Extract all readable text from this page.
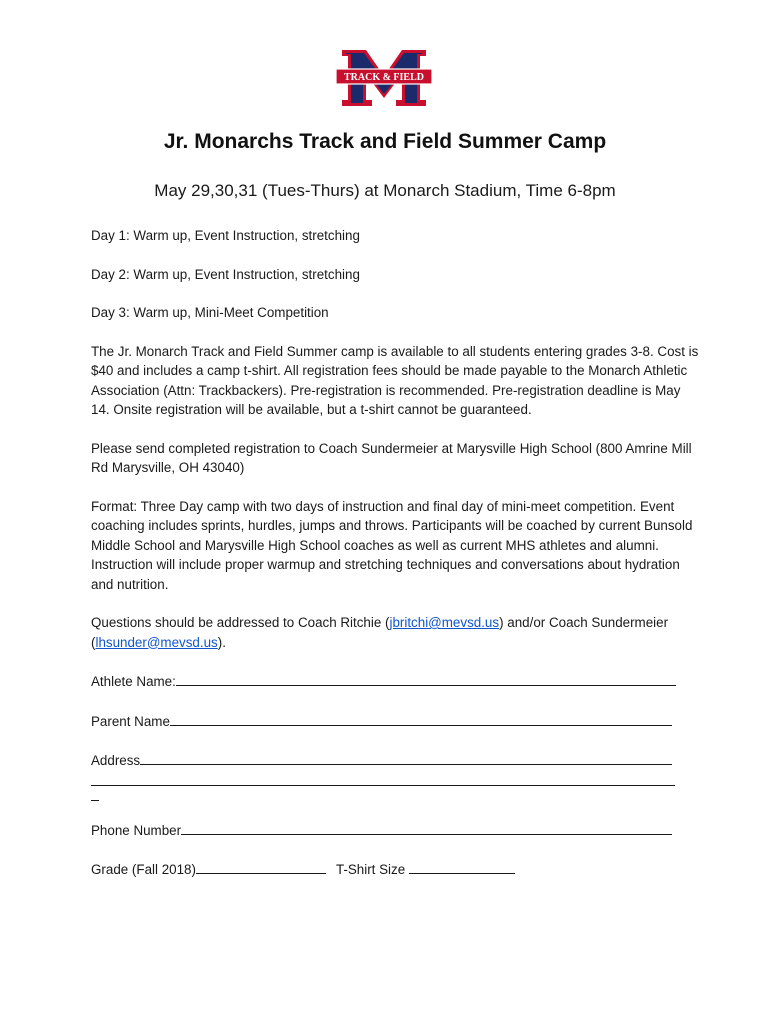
TRACK & FIELD
Jr. Monarchs Track and Field Summer Camp
May 29,30,31 (Tues-Thurs) at Monarch Stadium, Time 6-8pm
Day 1: Warm up, Event Instruction, stretching
Day 2: Warm up, Event Instruction, stretching
Day 3: Warm up, Mini-Meet Competition

The Jr. Monarch Track and Field Summer camp is available to all students entering grades 3-8. Cost is $40 and includes a camp t-shirt. All registration fees should be made payable to the Monarch Athletic Association (Attn: Trackbackers). Pre-registration is recommended. Pre-registration deadline is May 14. Onsite registration will be available, but a t-shirt cannot be guaranteed.

Please send completed registration to Coach Sundermeier at Marysville High School (800 Amrine Mill Rd Marysville, OH 43040)

Format: Three Day camp with two days of instruction and final day of mini-meet competition. Event coaching includes sprints, hurdles, jumps and throws. Participants will be coached by current Bunsold Middle School and Marysville High School coaches as well as current MHS athletes and alumni. Instruction will include proper warmup and stretching techniques and conversations about hydration and nutrition.

Questions should be addressed to Coach Ritchie (jbritchi@mevsd.us) and/or Coach Sundermeier (lhsunder@mevsd.us).

Athlete Name:
Parent Name
Address
Phone Number
Grade (Fall 2018)	T-Shirt Size
